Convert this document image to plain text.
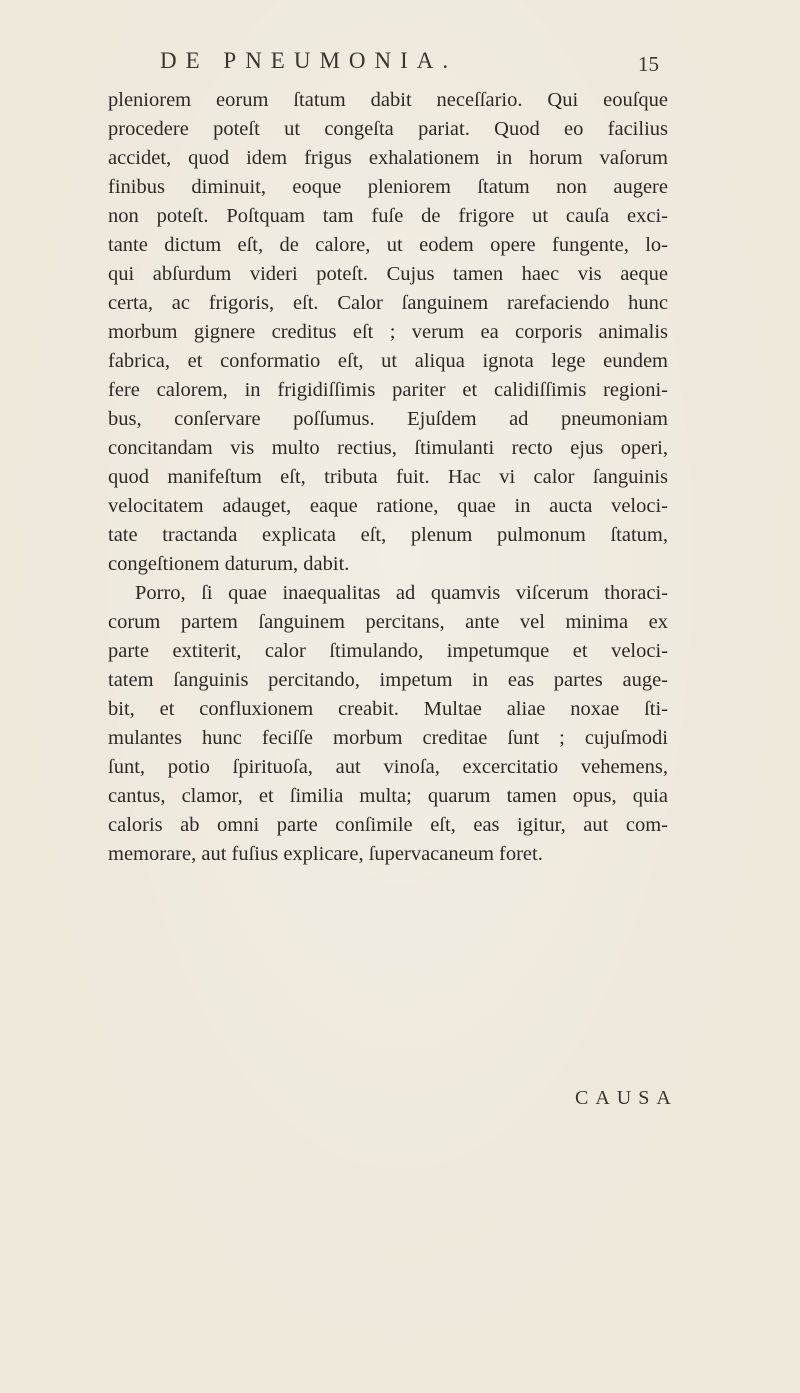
DE PNEUMONIA.	15

pleniorem eorum ſtatum dabit neceſſario. Qui eouſque
procedere poteſt ut congeſta pariat. Quod eo facilius
accidet, quod idem frigus exhalationem in horum vaſorum
finibus diminuit, eoque pleniorem ſtatum non augere
non poteſt. Poſtquam tam fuſe de frigore ut cauſa exci-
tante dictum eſt, de calore, ut eodem opere fungente, lo-
qui abſurdum videri poteſt. Cujus tamen haec vis aeque
certa, ac frigoris, eſt. Calor ſanguinem rarefaciendo hunc
morbum gignere creditus eſt ; verum ea corporis animalis
fabrica, et conformatio eſt, ut aliqua ignota lege eundem
fere calorem, in frigidiſſimis pariter et calidiſſimis regioni-
bus, conſervare poſſumus. Ejuſdem ad pneumoniam
concitandam vis multo rectius, ſtimulanti recto ejus operi,
quod manifeſtum eſt, tributa fuit. Hac vi calor ſanguinis
velocitatem adauget, eaque ratione, quae in aucta veloci-
tate tractanda explicata eſt, plenum pulmonum ſtatum,
congeſtionem daturum, dabit.

Porro, ſi quae inaequalitas ad quamvis viſcerum thoraci-
corum partem ſanguinem percitans, ante vel minima ex
parte extiterit, calor ſtimulando, impetumque et veloci-
tatem ſanguinis percitando, impetum in eas partes auge-
bit, et confluxionem creabit. Multae aliae noxae ſti-
mulantes hunc feciſſe morbum creditae ſunt ; cujuſmodi
ſunt, potio ſpirituoſa, aut vinoſa, excercitatio vehemens,
cantus, clamor, et ſimilia multa; quarum tamen opus, quia
caloris ab omni parte conſimile eſt, eas igitur, aut com-
memorare, aut fuſius explicare, ſupervacaneum foret.

CAUSA
